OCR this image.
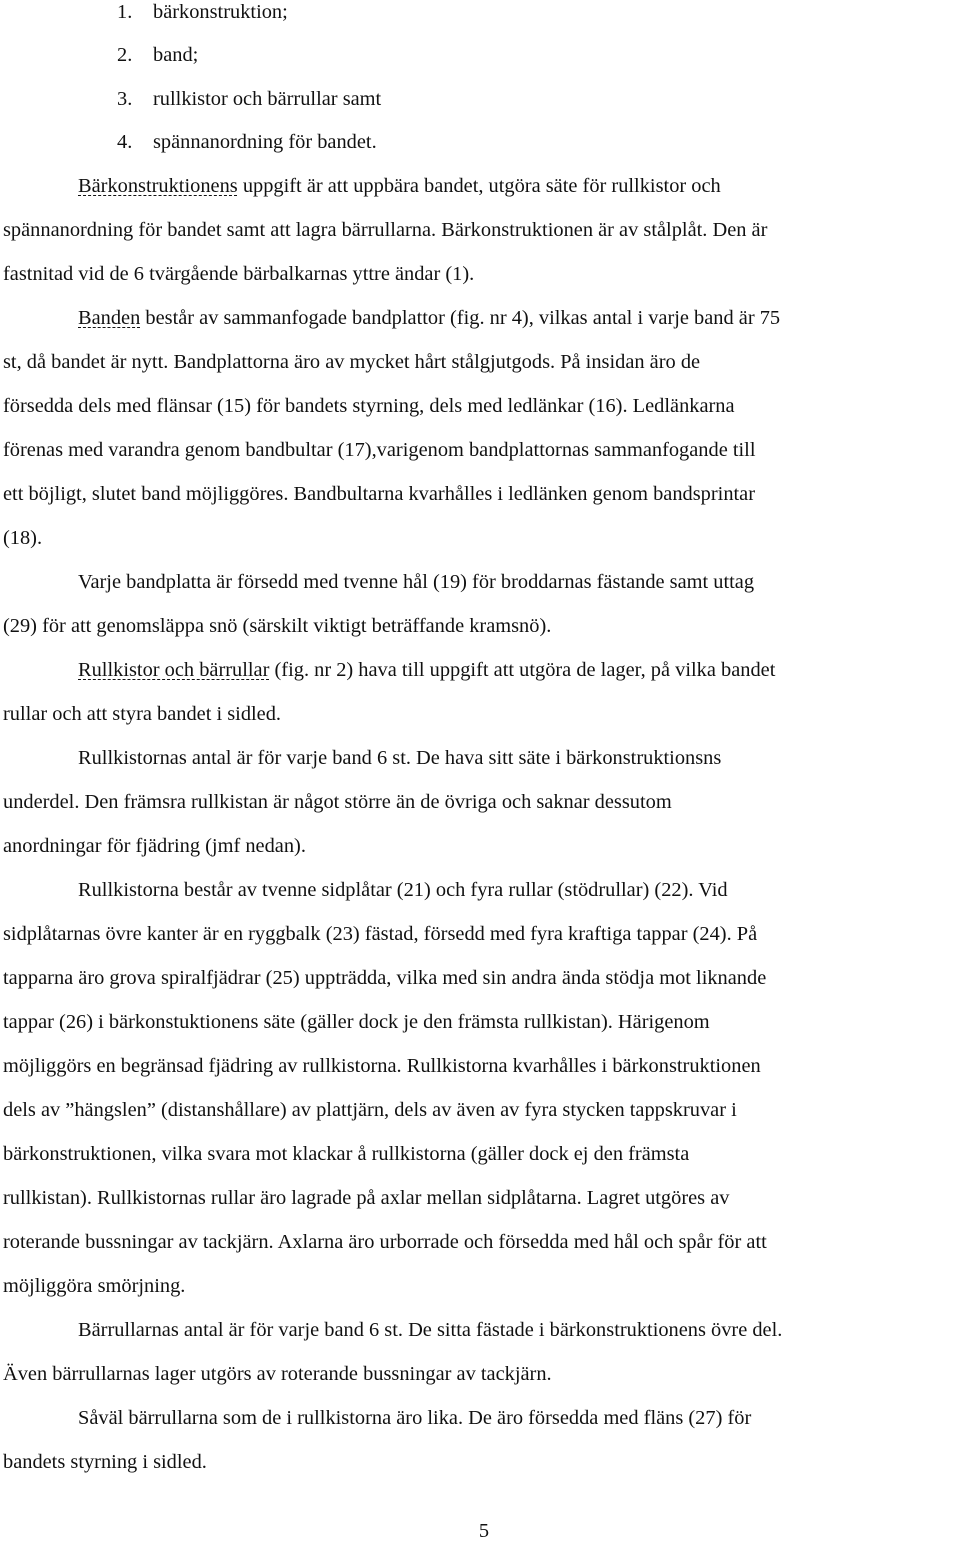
1. bärkonstruktion;
2. band;
3. rullkistor och bärrullar samt
4. spännanordning för bandet.
Bärkonstruktionens uppgift är att uppbära bandet, utgöra säte för rullkistor och
spännanordning för bandet samt att lagra bärrullarna. Bärkonstruktionen är av stålplåt. Den är
fastnitad vid de 6 tvärgående bärbalkarnas yttre ändar (1).
Banden består av sammanfogade bandplattor (fig. nr 4), vilkas antal i varje band är 75
st, då bandet är nytt. Bandplattorna äro av mycket hårt stålgjutgods. På insidan äro de
försedda dels med flänsar (15) för bandets styrning, dels med ledlänkar (16). Ledlänkarna
förenas med varandra genom bandbultar (17),varigenom bandplattornas sammanfogande till
ett böjligt, slutet band möjliggöres. Bandbultarna kvarhålles i ledlänken genom bandsprintar
(18).
Varje bandplatta är försedd med tvenne hål (19) för broddarnas fästande samt uttag
(29) för att genomsläppa snö (särskilt viktigt beträffande kramsnö).
Rullkistor och bärrullar (fig. nr 2) hava till uppgift att utgöra de lager, på vilka bandet
rullar och att styra bandet i sidled.
Rullkistornas antal är för varje band 6 st. De hava sitt säte i bärkonstruktionsns
underdel. Den främsra rullkistan är något större än de övriga och saknar dessutom
anordningar för fjädring (jmf nedan).
Rullkistorna består av tvenne sidplåtar (21) och fyra rullar (stödrullar) (22). Vid
sidplåtarnas övre kanter är en ryggbalk (23) fästad, försedd med fyra kraftiga tappar (24). På
tapparna äro grova spiralfjädrar (25) uppträdda, vilka med sin andra ända stödja mot liknande
tappar (26) i bärkonstuktionens säte (gäller dock je den främsta rullkistan). Härigenom
möjliggörs en begränsad fjädring av rullkistorna. Rullkistorna kvarhålles i bärkonstruktionen
dels av ”hängslen” (distanshållare) av plattjärn, dels av även av fyra stycken tappskruvar i
bärkonstruktionen, vilka svara mot klackar å rullkistorna (gäller dock ej den främsta
rullkistan). Rullkistornas rullar äro lagrade på axlar mellan sidplåtarna. Lagret utgöres av
roterande bussningar av tackjärn. Axlarna äro urborrade och försedda med hål och spår för att
möjliggöra smörjning.
Bärrullarnas antal är för varje band 6 st. De sitta fästade i bärkonstruktionens övre del.
Även bärrullarnas lager utgörs av roterande bussningar av tackjärn.
Såväl bärrullarna som de i rullkistorna äro lika. De äro försedda med fläns (27) för
bandets styrning i sidled.
5
